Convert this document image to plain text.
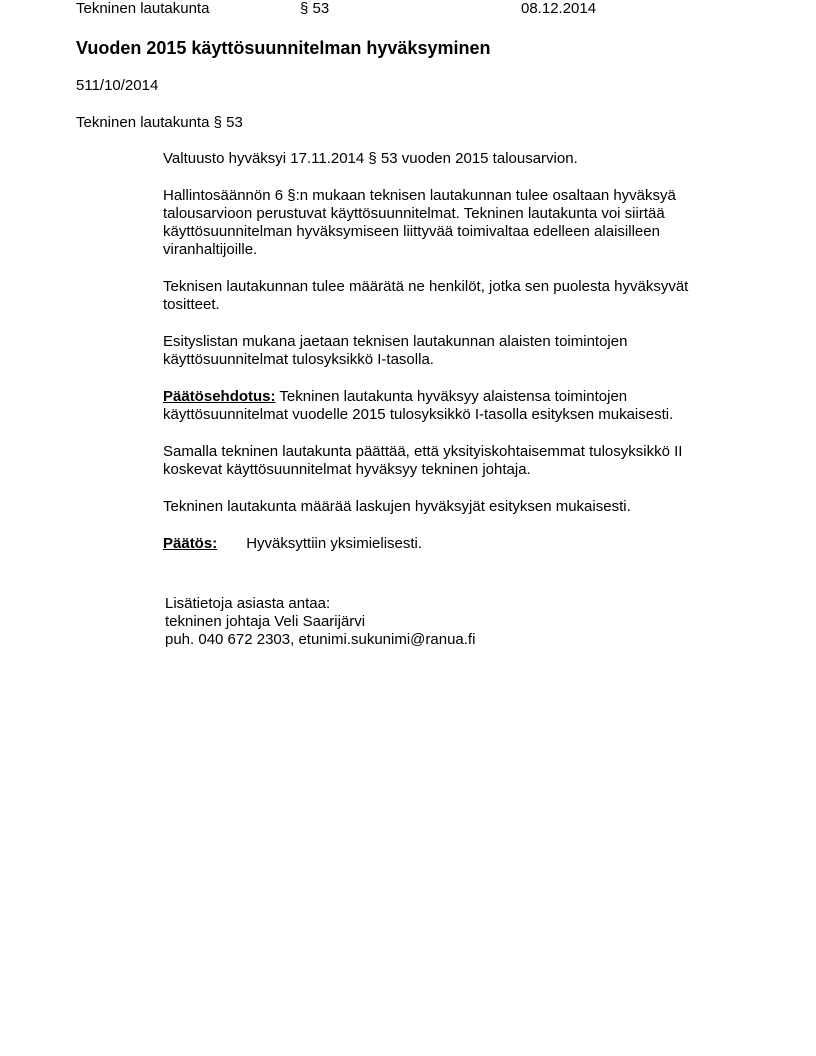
Tekninen lautakunta	§ 53	08.12.2014
Vuoden 2015 käyttösuunnitelman hyväksyminen
511/10/2014
Tekninen lautakunta § 53

Valtuusto hyväksyi 17.11.2014 § 53 vuoden 2015 talousarvion.

Hallintosäännön 6 §:n mukaan teknisen lautakunnan tulee osaltaan hyväksyä
talousarvioon perustuvat käyttösuunnitelmat. Tekninen lautakunta voi siirtää
käyttösuunnitelman hyväksymiseen liittyvää toimivaltaa edelleen alaisilleen
viranhaltijoille.

Teknisen lautakunnan tulee määrätä ne henkilöt, jotka sen puolesta hyväksyvät
tositteet.

Esityslistan mukana jaetaan teknisen lautakunnan alaisten toimintojen
käyttösuunnitelmat tulosyksikkö I-tasolla.

Päätösehdotus: Tekninen lautakunta hyväksyy alaistensa toimintojen
käyttösuunnitelmat vuodelle 2015 tulosyksikkö I-tasolla esityksen mukaisesti.

Samalla tekninen lautakunta päättää, että yksityiskohtaisemmat tulosyksikkö II
koskevat käyttösuunnitelmat hyväksyy tekninen johtaja.

Tekninen lautakunta määrää laskujen hyväksyjät esityksen mukaisesti.

Päätös: Hyväksyttiin yksimielisesti.

Lisätietoja asiasta antaa:
tekninen johtaja Veli Saarijärvi
puh. 040 672 2303, etunimi.sukunimi@ranua.fi
